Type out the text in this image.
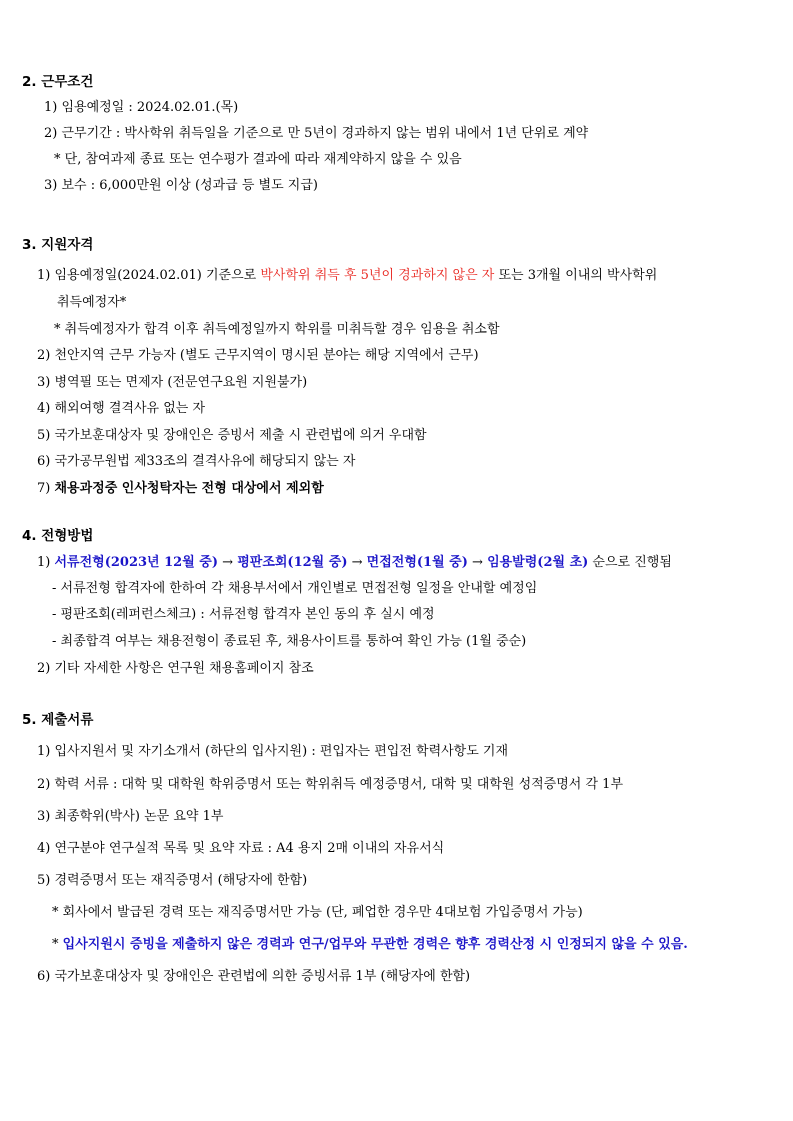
2. 근무조건
1) 임용예정일 : 2024.02.01.(목)
2) 근무기간 : 박사학위 취득일을 기준으로 만 5년이 경과하지 않는 범위 내에서 1년 단위로 계약
* 단, 참여과제 종료 또는 연수평가 결과에 따라 재계약하지 않을 수 있음
3) 보수 : 6,000만원 이상 (성과급 등 별도 지급)
3. 지원자격
1) 임용예정일(2024.02.01) 기준으로 박사학위 취득 후 5년이 경과하지 않은 자 또는 3개월 이내의 박사학위
취득예정자*
* 취득예정자가 합격 이후 취득예정일까지 학위를 미취득할 경우 임용을 취소함
2) 천안지역 근무 가능자 (별도 근무지역이 명시된 분야는 해당 지역에서 근무)
3) 병역필 또는 면제자 (전문연구요원 지원불가)
4) 해외여행 결격사유 없는 자
5) 국가보훈대상자 및 장애인은 증빙서 제출 시 관련법에 의거 우대함
6) 국가공무원법 제33조의 결격사유에 해당되지 않는 자
7) 채용과정중 인사청탁자는 전형 대상에서 제외함
4. 전형방법
1) 서류전형(2023년 12월 중) → 평판조회(12월 중) → 면접전형(1월 중) → 임용발령(2월 초) 순으로 진행됨
- 서류전형 합격자에 한하여 각 채용부서에서 개인별로 면접전형 일정을 안내할 예정임
- 평판조회(레퍼런스체크) : 서류전형 합격자 본인 동의 후 실시 예정
- 최종합격 여부는 채용전형이 종료된 후, 채용사이트를 통하여 확인 가능 (1월 중순)
2) 기타 자세한 사항은 연구원 채용홈페이지 참조
5. 제출서류
1) 입사지원서 및 자기소개서 (하단의 입사지원) : 편입자는 편입전 학력사항도 기재
2) 학력 서류 : 대학 및 대학원 학위증명서 또는 학위취득 예정증명서, 대학 및 대학원 성적증명서 각 1부
3) 최종학위(박사) 논문 요약 1부
4) 연구분야 연구실적 목록 및 요약 자료 : A4 용지 2매 이내의 자유서식
5) 경력증명서 또는 재직증명서 (해당자에 한함)
* 회사에서 발급된 경력 또는 재직증명서만 가능 (단, 폐업한 경우만 4대보험 가입증명서 가능)
* 입사지원시 증빙을 제출하지 않은 경력과 연구/업무와 무관한 경력은 향후 경력산정 시 인정되지 않을 수 있음.
6) 국가보훈대상자 및 장애인은 관련법에 의한 증빙서류 1부 (해당자에 한함)
